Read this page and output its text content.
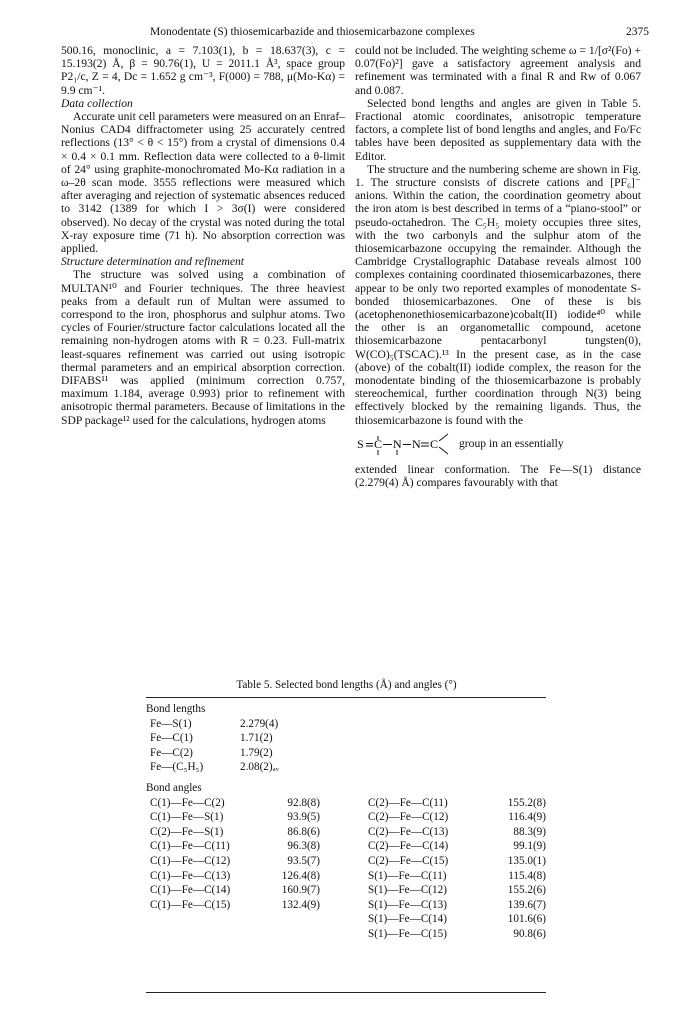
Monodentate (S) thiosemicarbazide and thiosemicarbazone complexes	2375

500.16, monoclinic, a = 7.103(1), b = 18.637(3), c = 15.193(2) Å, β = 90.76(1), U = 2011.1 Å³, space group P2₁/c, Z = 4, Dc = 1.652 g cm⁻³, F(000) = 788, μ(Mo-Kα) = 9.9 cm⁻¹.

Data collection

Accurate unit cell parameters were measured on an Enraf–Nonius CAD4 diffractometer using 25 accurately centred reflections (13° < θ < 15°) from a crystal of dimensions 0.4 × 0.4 × 0.1 mm. Reflection data were collected to a θ-limit of 24° using graphite-monochromated Mo-Kα radiation in a ω–2θ scan mode. 3555 reflections were measured which after averaging and rejection of systematic absences reduced to 3142 (1389 for which I > 3σ(I) were considered observed). No decay of the crystal was noted during the total X-ray exposure time (71 h). No absorption correction was applied.

Structure determination and refinement

The structure was solved using a combination of MULTAN¹⁰ and Fourier techniques. The three heaviest peaks from a default run of Multan were assumed to correspond to the iron, phosphorus and sulphur atoms. Two cycles of Fourier/structure factor calculations located all the remaining non-hydrogen atoms with R = 0.23. Full-matrix least-squares refinement was carried out using isotropic thermal parameters and an empirical absorption correction. DIFABS¹¹ was applied (minimum correction 0.757, maximum 1.184, average 0.993) prior to refinement with anisotropic thermal parameters. Because of limitations in the SDP package¹² used for the calculations, hydrogen atoms

could not be included. The weighting scheme ω = 1/[σ²(Fo) + 0.07(Fo)²] gave a satisfactory agreement analysis and refinement was terminated with a final R and Rw of 0.067 and 0.087.

Selected bond lengths and angles are given in Table 5. Fractional atomic coordinates, anisotropic temperature factors, a complete list of bond lengths and angles, and Fo/Fc tables have been deposited as supplementary data with the Editor.

The structure and the numbering scheme are shown in Fig. 1. The structure consists of discrete cations and [PF₆]⁻ anions. Within the cation, the coordination geometry about the iron atom is best described in terms of a “piano-stool” or pseudo-octahedron. The C₅H₅ moiety occupies three sites, with the two carbonyls and the sulphur atom of the thiosemicarbazone occupying the remainder. Although the Cambridge Crystallographic Database reveals almost 100 complexes containing coordinated thiosemicarbazones, there appear to be only two reported examples of monodentate S-bonded thiosemicarbazones. One of these is bis (acetophenonethiosemicarbazone)cobalt(II) iodide⁴⁰ while the other is an organometallic compound, acetone thiosemicarbazone pentacarbonyl tungsten(0), W(CO)₅(TSCAC).¹³ In the present case, as in the case (above) of the cobalt(II) iodide complex, the reason for the monodentate binding of the thiosemicarbazone is probably stereochemical, further coordination through N(3) being effectively blocked by the remaining ligands. Thus, the thiosemicarbazone is found with the

S C N N C group in an essentially

extended linear conformation. The Fe—S(1) distance (2.279(4) Å) compares favourably with that

Table 5. Selected bond lengths (Å) and angles (°)
Bond lengths
Fe—S(1)	2.279(4)
Fe—C(1)	1.71(2)
Fe—C(2)	1.79(2)
Fe—(C₅H₅)	2.08(2)ₐᵥ
Bond angles
C(1)—Fe—C(2)	92.8(8)
C(1)—Fe—S(1)	93.9(5)
C(2)—Fe—S(1)	86.8(6)
C(1)—Fe—C(11)	96.3(8)
C(1)—Fe—C(12)	93.5(7)
C(1)—Fe—C(13)	126.4(8)
C(1)—Fe—C(14)	160.9(7)
C(1)—Fe—C(15)	132.4(9)
C(2)—Fe—C(11)	155.2(8)
C(2)—Fe—C(12)	116.4(9)
C(2)—Fe—C(13)	88.3(9)
C(2)—Fe—C(14)	99.1(9)
C(2)—Fe—C(15)	135.0(1)
S(1)—Fe—C(11)	115.4(8)
S(1)—Fe—C(12)	155.2(6)
S(1)—Fe—C(13)	139.6(7)
S(1)—Fe—C(14)	101.6(6)
S(1)—Fe—C(15)	90.8(6)
